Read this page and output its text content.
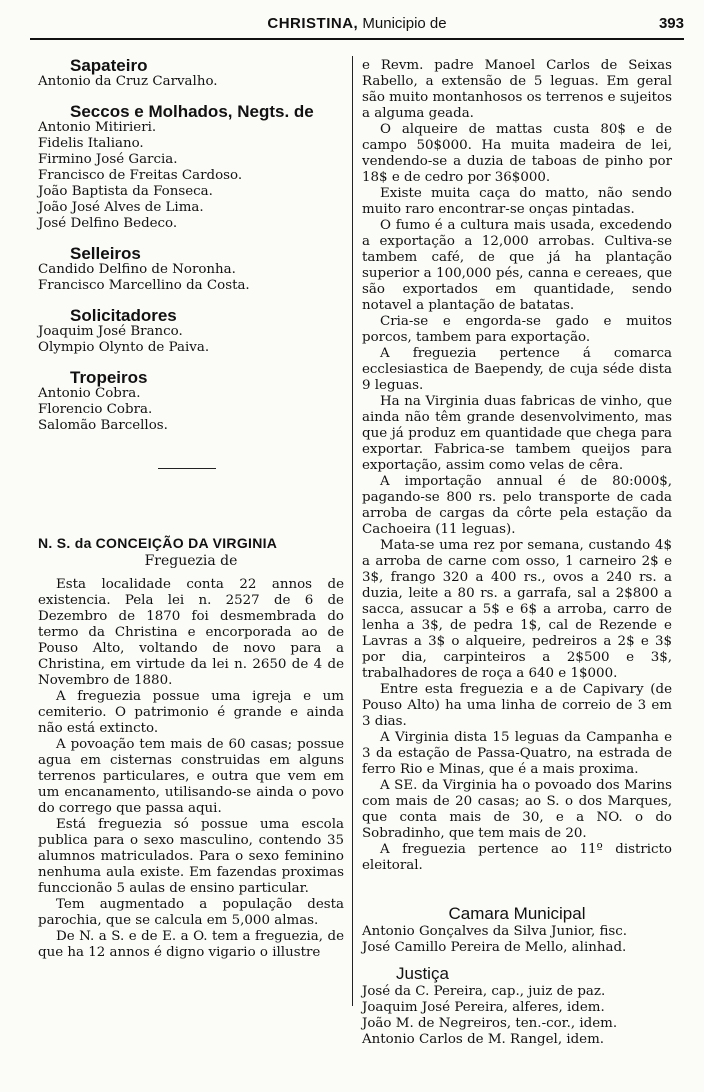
CHRISTINA, Municipio de	393
Sapateiro

Antonio da Cruz Carvalho.

Seccos e Molhados, Negts. de

Antonio Mitirieri.

Fidelis Italiano.

Firmino José Garcia.

Francisco de Freitas Cardoso.

João Baptista da Fonseca.

João José Alves de Lima.

José Delfino Bedeco.

Selleiros

Candido Delfino de Noronha.

Francisco Marcellino da Costa.

Solicitadores

Joaquim José Branco.

Olympio Olynto de Paiva.

Tropeiros

Antonio Cobra.

Florencio Cobra.

Salomão Barcellos.

N. S. da CONCEIÇÃO DA VIRGINIA
Freguezia de

Esta localidade conta 22 annos de existencia. Pela lei n. 2527 de 6 de Dezembro de 1870 foi desmembrada do termo da Christina e encorporada ao de Pouso Alto, voltando de novo para a Christina, em virtude da lei n. 2650 de 4 de Novembro de 1880.

A freguezia possue uma igreja e um cemiterio. O patrimonio é grande e ainda não está extincto.

A povoação tem mais de 60 casas; possue agua em cisternas construidas em alguns terrenos particulares, e outra que vem em um encanamento, utilisando-se ainda o povo do corrego que passa aqui.

Está freguezia só possue uma escola publica para o sexo masculino, contendo 35 alumnos matriculados. Para o sexo feminino nenhuma aula existe. Em fazendas proximas funccionão 5 aulas de ensino particular.

Tem augmentado a população desta parochia, que se calcula em 5,000 almas.

De N. a S. e de E. a O. tem a freguezia, de que ha 12 annos é digno vigario o illustre

e Revm. padre Manoel Carlos de Seixas Rabello, a extensão de 5 leguas. Em geral são muito montanhosos os terrenos e sujeitos a alguma geada.

O alqueire de mattas custa 80$ e de campo 50$000. Ha muita madeira de lei, vendendo-se a duzia de taboas de pinho por 18$ e de cedro por 36$000.

Existe muita caça do matto, não sendo muito raro encontrar-se onças pintadas.

O fumo é a cultura mais usada, excedendo a exportação a 12,000 arrobas. Cultiva-se tambem café, de que já ha plantação superior a 100,000 pés, canna e cereaes, que são exportados em quantidade, sendo notavel a plantação de batatas.

Cria-se e engorda-se gado e muitos porcos, tambem para exportação.

A freguezia pertence á comarca ecclesiastica de Baependy, de cuja séde dista 9 leguas.

Ha na Virginia duas fabricas de vinho, que ainda não têm grande desenvolvimento, mas que já produz em quantidade que chega para exportar. Fabrica-se tambem queijos para exportação, assim como velas de cêra.

A importação annual é de 80:000$, pagando-se 800 rs. pelo transporte de cada arroba de cargas da côrte pela estação da Cachoeira (11 leguas).

Mata-se uma rez por semana, custando 4$ a arroba de carne com osso, 1 carneiro 2$ e 3$, frango 320 a 400 rs., ovos a 240 rs. a duzia, leite a 80 rs. a garrafa, sal a 2$800 a sacca, assucar a 5$ e 6$ a arroba, carro de lenha a 3$, de pedra 1$, cal de Rezende e Lavras a 3$ o alqueire, pedreiros a 2$ e 3$ por dia, carpinteiros a 2$500 e 3$, trabalhadores de roça a 640 e 1$000.

Entre esta freguezia e a de Capivary (de Pouso Alto) ha uma linha de correio de 3 em 3 dias.

A Virginia dista 15 leguas da Campanha e 3 da estação de Passa-Quatro, na estrada de ferro Rio e Minas, que é a mais proxima.

A SE. da Virginia ha o povoado dos Marins com mais de 20 casas; ao S. o dos Marques, que conta mais de 30, e a NO. o do Sobradinho, que tem mais de 20.

A freguezia pertence ao 11º districto eleitoral.

Camara Municipal

Antonio Gonçalves da Silva Junior, fisc.

José Camillo Pereira de Mello, alinhad.

Justiça

José da C. Pereira, cap., juiz de paz.

Joaquim José Pereira, alferes, idem.

João M. de Negreiros, ten.-cor., idem.

Antonio Carlos de M. Rangel, idem.
